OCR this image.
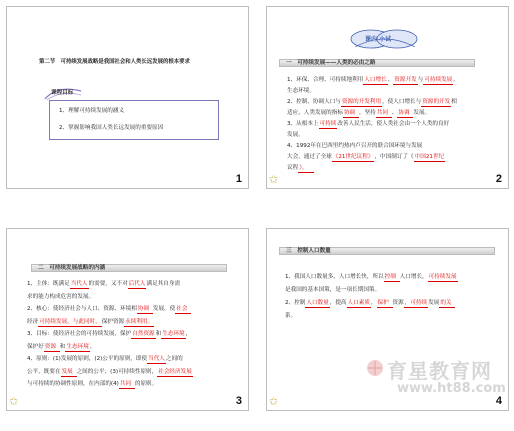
第二节　可持续发展战略是我国社会和人类长远发展的根本要求
课程目标
1、理解可持续发展的涵义
2、掌握影响我国人类长远发展的重要原因
1
课内 小试
一　可持续发展——人类的必由之路
✩	2
1、环保、合理、可持续地利用人口增长、资源开发与可持续发展。
生态环境。
2、控制、协调人口与资源的开发利用，使人口增长与资源的开发相
适应，人类发展的指标协调 ，坚持共同 、协调 发展。
3、从根本上可持续改善人民生活，使人类社会由一个人类的良好
发展。
4、1992年在巴西里约热内卢召开的联合国环境与发展
大会，通过了全球《21世纪议程》，中国制订了《中国21世纪
议程》。
二　可持续发展战略的内涵
✩	3
1、主体：既满足当代人的需要，又不对后代人满足其自身需
求的能力构成危害的发展。
2、核心：使经济社会与人口、资源、环境相协调 发展，使社会
经济可持续发展，与此同时，保护资源永续利用。
3、目标：使经济社会的可持续发展，保护自然资源和生态环境，
保护好资源 和生态环境。
4、原则：(1)发展的原则，(2)公平的原则，即使当代人之间的
公平，既要在发展 之间的公平；(3)可持续性原则，社会经济发展
与可持续的协调性原则，在内部的(4)共同 的原则。
三　控制人口数量
育星教育网
www.ht88.com
✩	4
1、我国人口数量多，人口增长快，所以控制 人口增长，可持续发展
是我国的基本国策，是一项长期国策。
2、控制人口数量，提高人口素质，保护 资源，可持续发展的关
系。
